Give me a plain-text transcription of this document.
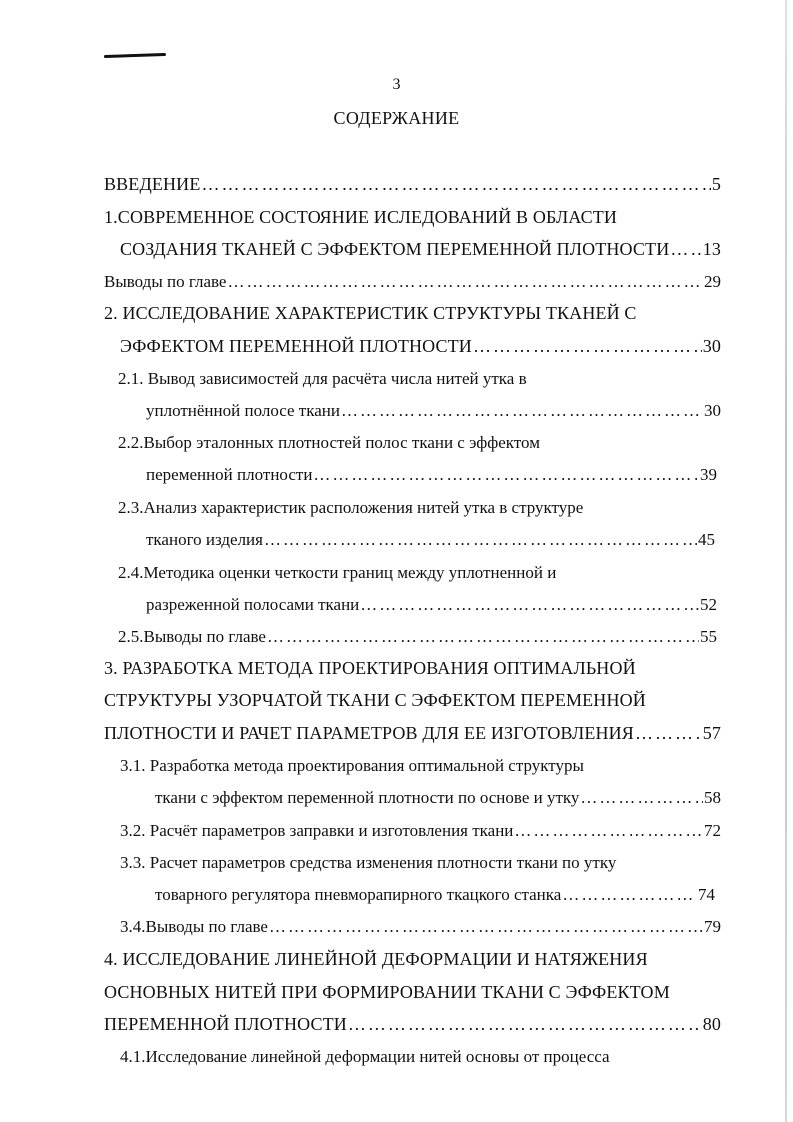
3
СОДЕРЖАНИЕ
ВВЕДЕНИЕ …………………………………………………………………………………………………………………………………………………………………………	5
1.СОВРЕМЕННОЕ СОСТОЯНИЕ ИСЛЕДОВАНИЙ В ОБЛАСТИ
СОЗДАНИЯ ТКАНЕЙ С ЭФФЕКТОМ ПЕРЕМЕННОЙ ПЛОТНОСТИ ………………………………………………………………………………………………………………………………………………………………………… 13
Выводы по главе …………………………………………………………………………………………………………………………………………………………………………	29
2. ИССЛЕДОВАНИЕ ХАРАКТЕРИСТИК СТРУКТУРЫ ТКАНЕЙ С
ЭФФЕКТОМ ПЕРЕМЕННОЙ ПЛОТНОСТИ …………………………………………………………………………………………………………………………………………………………………………	30
2.1. Вывод зависимостей для расчёта числа нитей утка в
уплотнённой полосе ткани …………………………………………………………………………………………………………………………………………………………………………	30
2.2.Выбор эталонных плотностей полос ткани с эффектом
переменной плотности …………………………………………………………………………………………………………………………………………………………………………	39
2.3.Анализ характеристик расположения нитей утка в структуре
тканого изделия …………………………………………………………………………………………………………………………………………………………………………	45
2.4.Методика оценки четкости границ между уплотненной и
разреженной полосами ткани …………………………………………………………………………………………………………………………………………………………………………	52
2.5.Выводы по главе …………………………………………………………………………………………………………………………………………………………………………	55
3. РАЗРАБОТКА МЕТОДА ПРОЕКТИРОВАНИЯ ОПТИМАЛЬНОЙ
СТРУКТУРЫ УЗОРЧАТОЙ ТКАНИ С ЭФФЕКТОМ ПЕРЕМЕННОЙ
ПЛОТНОСТИ И РАЧЕТ ПАРАМЕТРОВ ДЛЯ ЕЕ ИЗГОТОВЛЕНИЯ …………………………………………………………………………………………………………………………………………………………………………	57
3.1. Разработка метода проектирования оптимальной структуры
ткани с эффектом переменной плотности по основе и утку …………………………………………………………………………………………………………………………………………………………………………	58
3.2. Расчёт параметров заправки и изготовления ткани …………………………………………………………………………………………………………………………………………………………………………	72
3.3. Расчет параметров средства изменения плотности ткани по утку
товарного регулятора пневморапирного ткацкого станка …………………………………………………………………………………………………………………………………………………………………………	74
3.4.Выводы по главе …………………………………………………………………………………………………………………………………………………………………………	79
4. ИССЛЕДОВАНИЕ ЛИНЕЙНОЙ ДЕФОРМАЦИИ И НАТЯЖЕНИЯ
ОСНОВНЫХ НИТЕЙ ПРИ ФОРМИРОВАНИИ ТКАНИ С ЭФФЕКТОМ
ПЕРЕМЕННОЙ ПЛОТНОСТИ …………………………………………………………………………………………………………………………………………………………………………	80
4.1.Исследование линейной деформации нитей основы от процесса
